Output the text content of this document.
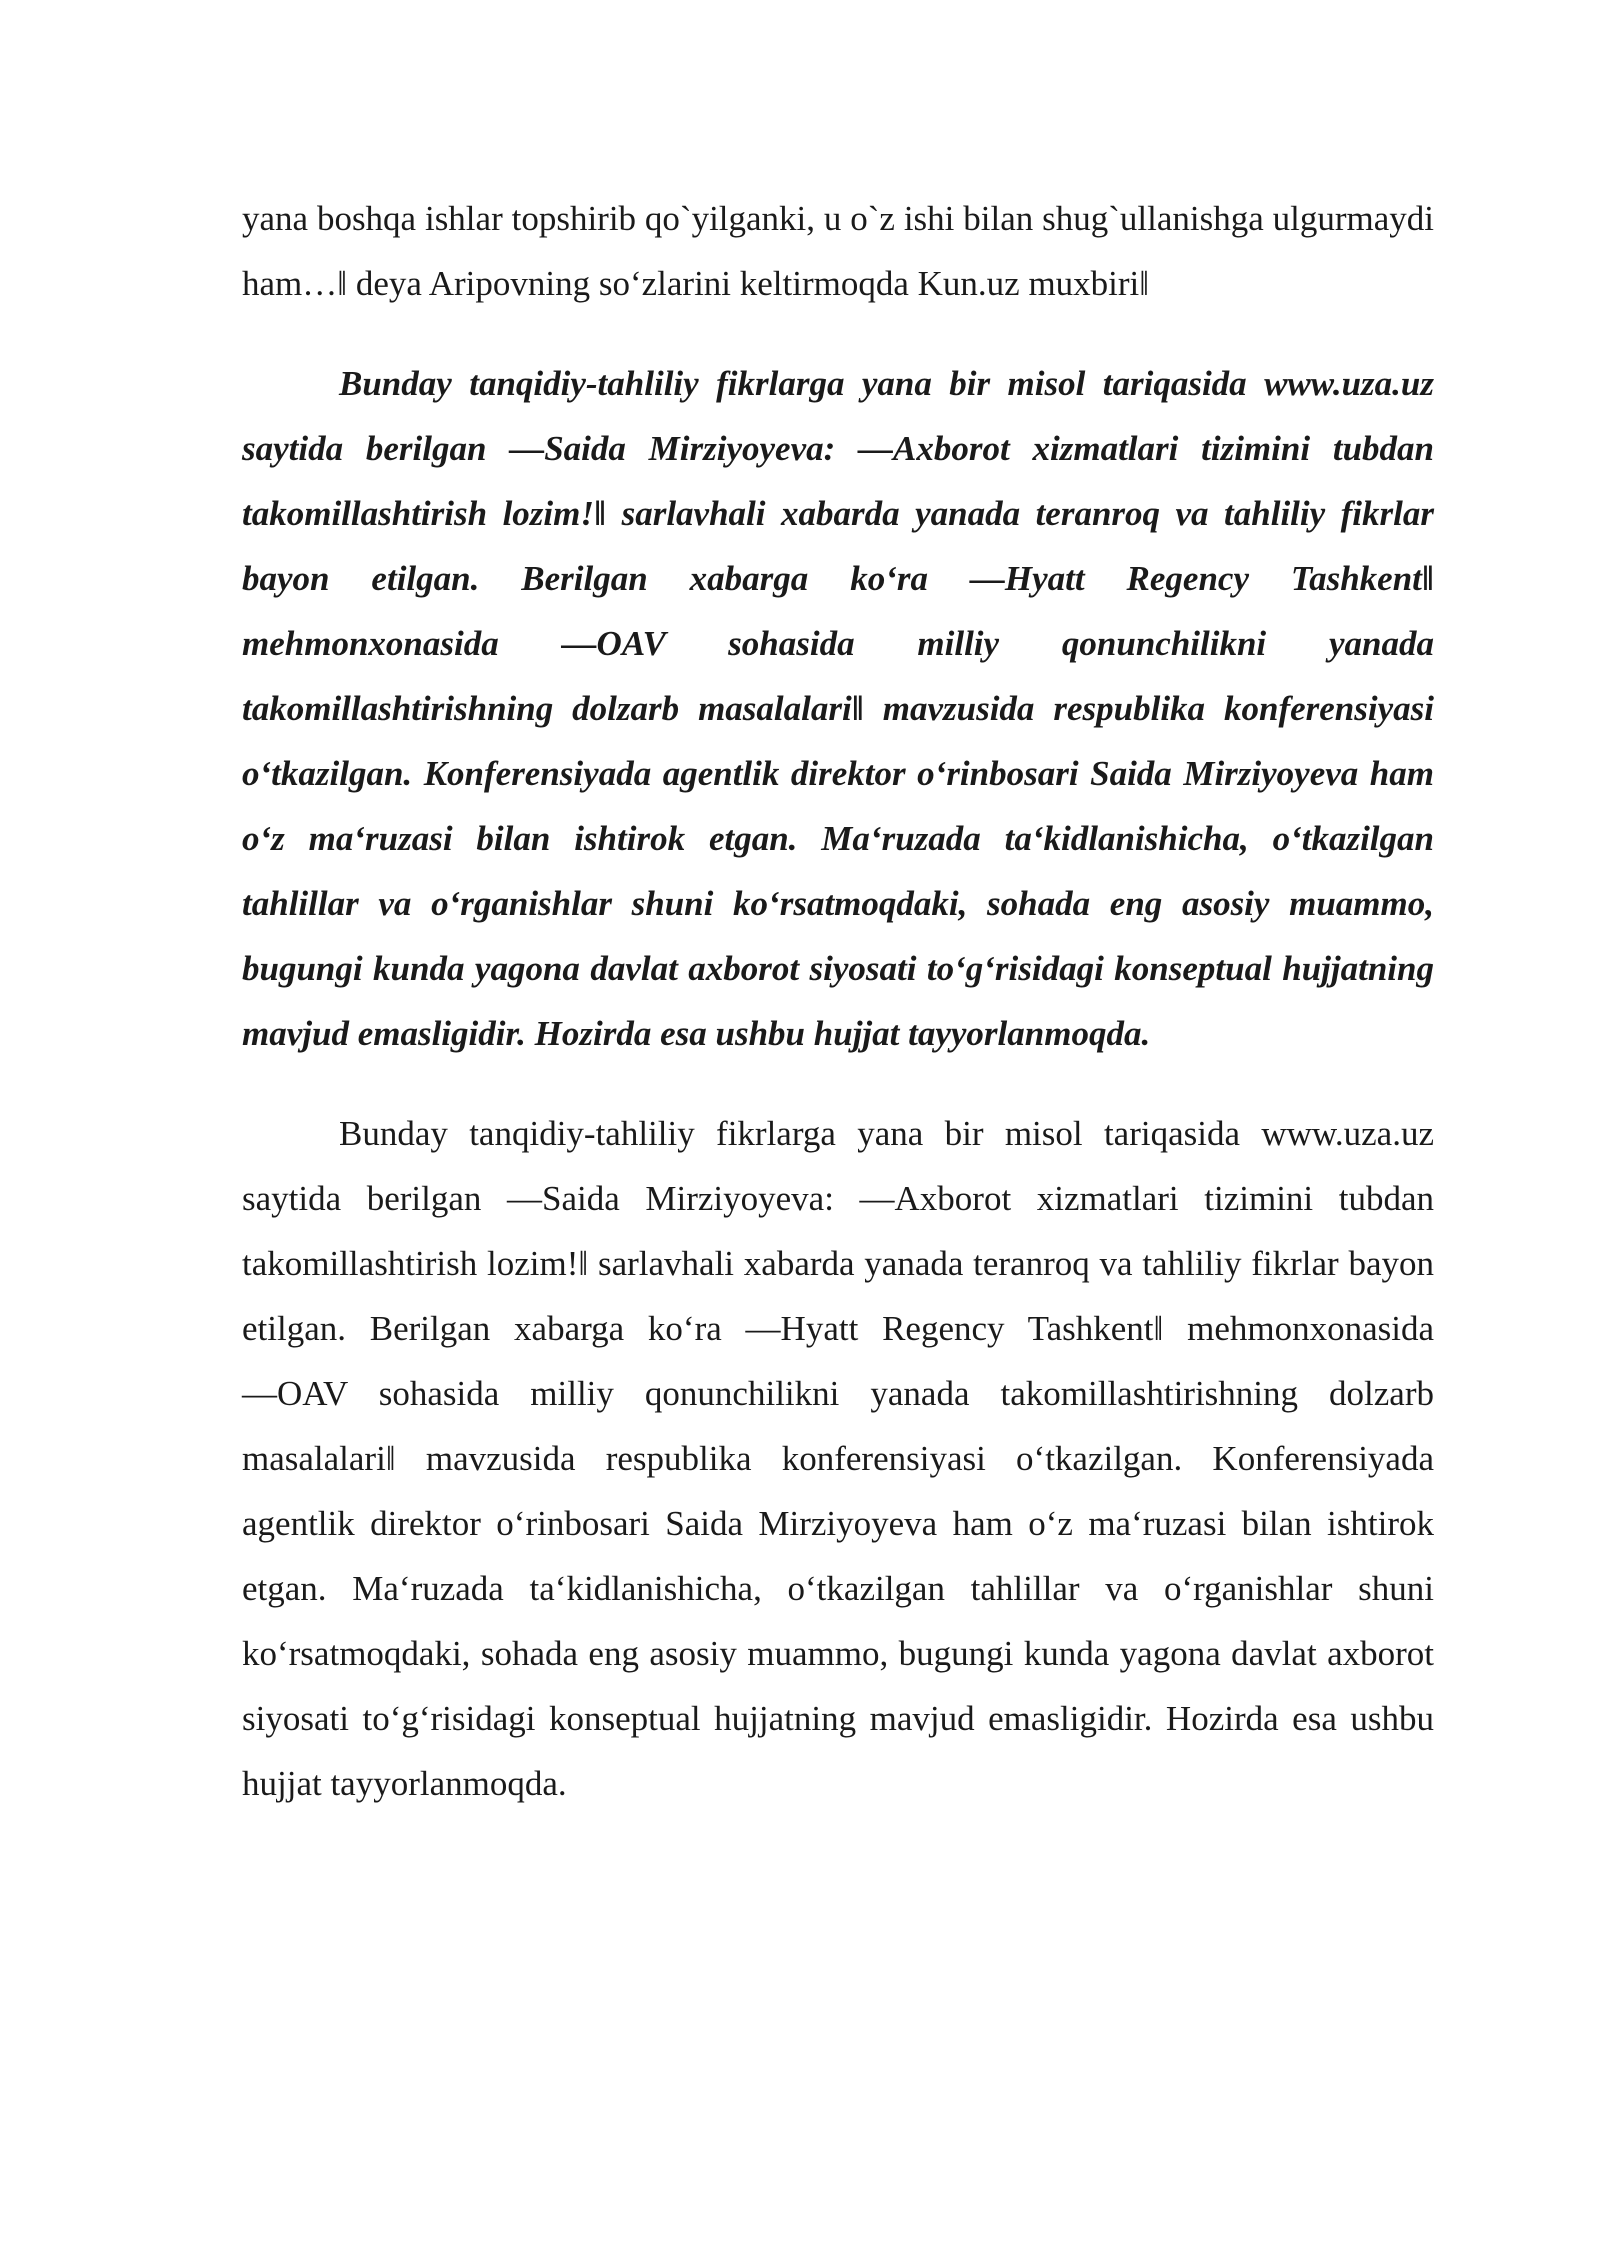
yana boshqa ishlar topshirib qo`yilganki, u o`z ishi bilan shug`ullanishga ulgurmaydi ham…‖ deya Aripovning so‘zlarini keltirmoqda Kun.uz muxbiri‖

Bunday tanqidiy-tahliliy fikrlarga yana bir misol tariqasida www.uza.uz saytida berilgan ―Saida Mirziyoyeva: ―Axborot xizmatlari tizimini tubdan takomillashtirish lozim!‖ sarlavhali xabarda yanada teranroq va tahliliy fikrlar bayon etilgan. Berilgan xabarga ko‘ra ―Hyatt Regency Tashkent‖ mehmonxonasida ―OAV sohasida milliy qonunchilikni yanada takomillashtirishning dolzarb masalalari‖ mavzusida respublika konferensiyasi o‘tkazilgan. Konferensiyada agentlik direktor o‘rinbosari Saida Mirziyoyeva ham o‘z ma‘ruzasi bilan ishtirok etgan. Ma‘ruzada ta‘kidlanishicha, o‘tkazilgan tahlillar va o‘rganishlar shuni ko‘rsatmoqdaki, sohada eng asosiy muammo, bugungi kunda yagona davlat axborot siyosati to‘g‘risidagi konseptual hujjatning mavjud emasligidir. Hozirda esa ushbu hujjat tayyorlanmoqda.

Bunday tanqidiy-tahliliy fikrlarga yana bir misol tariqasida www.uza.uz saytida berilgan ―Saida Mirziyoyeva: ―Axborot xizmatlari tizimini tubdan takomillashtirish lozim!‖ sarlavhali xabarda yanada teranroq va tahliliy fikrlar bayon etilgan. Berilgan xabarga ko‘ra ―Hyatt Regency Tashkent‖ mehmonxonasida ―OAV sohasida milliy qonunchilikni yanada takomillashtirishning dolzarb masalalari‖ mavzusida respublika konferensiyasi o‘tkazilgan. Konferensiyada agentlik direktor o‘rinbosari Saida Mirziyoyeva ham o‘z ma‘ruzasi bilan ishtirok etgan. Ma‘ruzada ta‘kidlanishicha, o‘tkazilgan tahlillar va o‘rganishlar shuni ko‘rsatmoqdaki, sohada eng asosiy muammo, bugungi kunda yagona davlat axborot siyosati to‘g‘risidagi konseptual hujjatning mavjud emasligidir. Hozirda esa ushbu hujjat tayyorlanmoqda.
